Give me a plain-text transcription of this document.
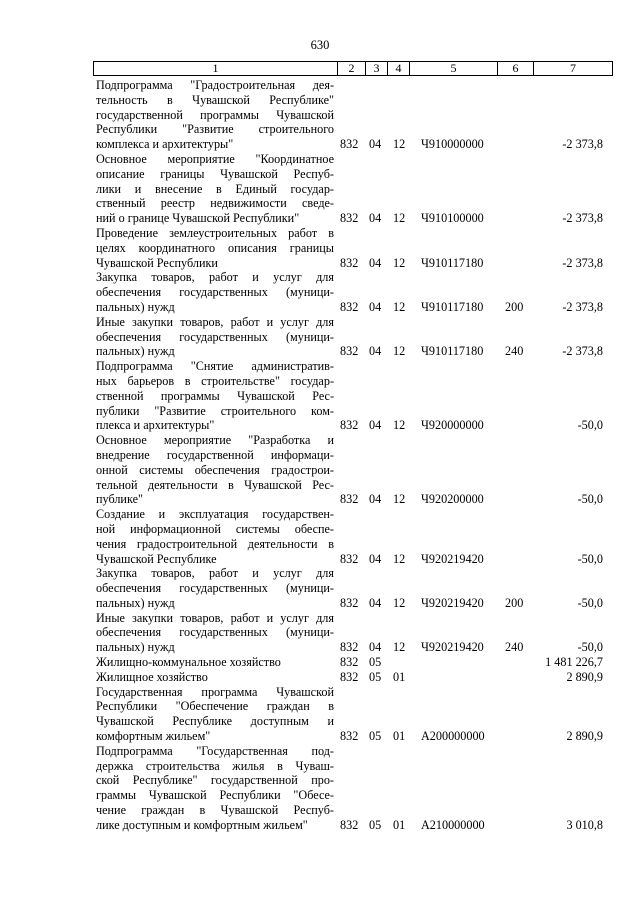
630
1	2	3	4	5	6	7
Подпрограмма "Градостроительная дея-
тельность в Чувашской Республике"
государственной программы Чувашской
Республики "Развитие строительного
комплекса и архитектуры"	832 04 12	Ч910000000	-2 373,8
Основное мероприятие "Координатное
описание границы Чувашской Респуб-
лики и внесение в Единый государ-
ственный реестр недвижимости сведе-
ний о границе Чувашской Республики"	832 04 12	Ч910100000	-2 373,8
Проведение землеустроительных работ в
целях координатного описания границы
Чувашской Республики	832 04 12	Ч910117180	-2 373,8
Закупка товаров, работ и услуг для
обеспечения государственных (муници-
пальных) нужд	832 04 12	Ч910117180	200	-2 373,8
Иные закупки товаров, работ и услуг для
обеспечения государственных (муници-
пальных) нужд	832 04 12	Ч910117180	240	-2 373,8
Подпрограмма "Снятие административ-
ных барьеров в строительстве" государ-
ственной программы Чувашской Рес-
публики "Развитие строительного ком-
плекса и архитектуры"	832 04 12	Ч920000000	-50,0
Основное мероприятие "Разработка и
внедрение государственной информаци-
онной системы обеспечения градострои-
тельной деятельности в Чувашской Рес-
публике"	832 04 12	Ч920200000	-50,0
Создание и эксплуатация государствен-
ной информационной системы обеспе-
чения градостроительной деятельности в
Чувашской Республике	832 04 12	Ч920219420	-50,0
Закупка товаров, работ и услуг для
обеспечения государственных (муници-
пальных) нужд	832 04 12	Ч920219420	200	-50,0
Иные закупки товаров, работ и услуг для
обеспечения государственных (муници-
пальных) нужд	832 04 12	Ч920219420	240	-50,0
Жилищно-коммунальное хозяйство	832 05	1 481 226,7
Жилищное хозяйство	832 05 01	2 890,9
Государственная программа Чувашской
Республики "Обеспечение граждан в
Чувашской Республике доступным и
комфортным жильем"	832 05 01	А200000000	2 890,9
Подпрограмма "Государственная под-
держка строительства жилья в Чуваш-
ской Республике" государственной про-
граммы Чувашской Республики "Обесе-
чение граждан в Чувашской Респуб-
лике доступным и комфортным жильем"	832 05 01	А210000000	3 010,8
